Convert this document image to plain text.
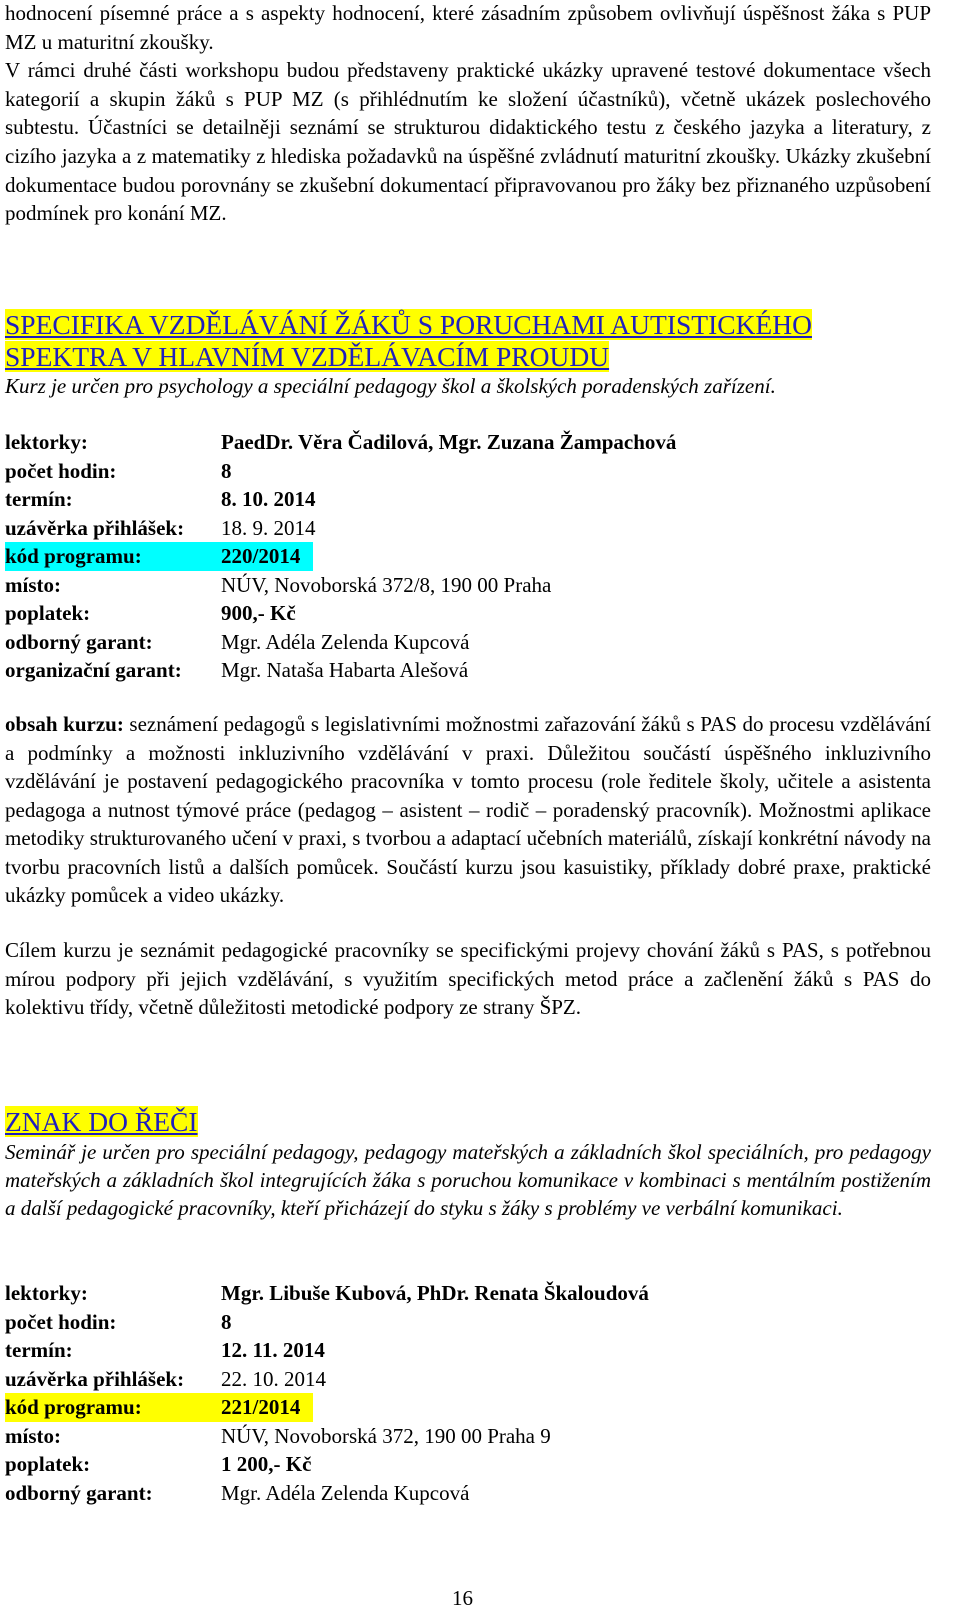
hodnocení písemné práce a s aspekty hodnocení, které zásadním způsobem ovlivňují úspěšnost žáka s PUP MZ u maturitní zkoušky.

V rámci druhé části workshopu budou představeny praktické ukázky upravené testové dokumentace všech kategorií a skupin žáků s PUP MZ (s přihlédnutím ke složení účastníků), včetně ukázek poslechového subtestu. Účastníci se detailněji seznámí se strukturou didaktického testu z českého jazyka a literatury, z cizího jazyka a z matematiky z hlediska požadavků na úspěšné zvládnutí maturitní zkoušky. Ukázky zkušební dokumentace budou porovnány se zkušební dokumentací připravovanou pro žáky bez přiznaného uzpůsobení podmínek pro konání MZ.

SPECIFIKA VZDĚLÁVÁNÍ ŽÁKŮ S PORUCHAMI AUTISTICKÉHO
SPEKTRA V HLAVNÍM VZDĚLÁVACÍM PROUDU

Kurz je určen pro psychology a speciální pedagogy škol a školských poradenských zařízení.

lektorky:	PaedDr. Věra Čadilová, Mgr. Zuzana Žampachová
počet hodin:	8
termín:	8. 10. 2014
uzávěrka přihlášek: 18. 9. 2014
kód programu:	220/2014
místo:	NÚV, Novoborská 372/8, 190 00 Praha
poplatek:	900,- Kč
odborný garant:	Mgr. Adéla Zelenda Kupcová
organizační garant: Mgr. Nataša Habarta Alešová

obsah kurzu: seznámení pedagogů s legislativními možnostmi zařazování žáků s PAS do procesu vzdělávání a podmínky a možnosti inkluzivního vzdělávání v praxi. Důležitou součástí úspěšného inkluzivního vzdělávání je postavení pedagogického pracovníka v tomto procesu (role ředitele školy, učitele a asistenta pedagoga a nutnost týmové práce (pedagog – asistent – rodič – poradenský pracovník). Možnostmi aplikace metodiky strukturovaného učení v praxi, s tvorbou a adaptací učebních materiálů, získají konkrétní návody na tvorbu pracovních listů a dalších pomůcek. Součástí kurzu jsou kasuistiky, příklady dobré praxe, praktické ukázky pomůcek a video ukázky.

Cílem kurzu je seznámit pedagogické pracovníky se specifickými projevy chování žáků s PAS, s potřebnou mírou podpory při jejich vzdělávání, s využitím specifických metod práce a začlenění žáků s PAS do kolektivu třídy, včetně důležitosti metodické podpory ze strany ŠPZ.

ZNAK DO ŘEČI

Seminář je určen pro speciální pedagogy, pedagogy mateřských a základních škol speciálních, pro pedagogy mateřských a základních škol integrujících žáka s poruchou komunikace v kombinaci s mentálním postižením a další pedagogické pracovníky, kteří přicházejí do styku s žáky s problémy ve verbální komunikaci.

lektorky:	Mgr. Libuše Kubová, PhDr. Renata Škaloudová
počet hodin:	8
termín:	12. 11. 2014
uzávěrka přihlášek: 22. 10. 2014
kód programu:	221/2014
místo:	NÚV, Novoborská 372, 190 00 Praha 9
poplatek:	1 200,- Kč
odborný garant:	Mgr. Adéla Zelenda Kupcová
16
